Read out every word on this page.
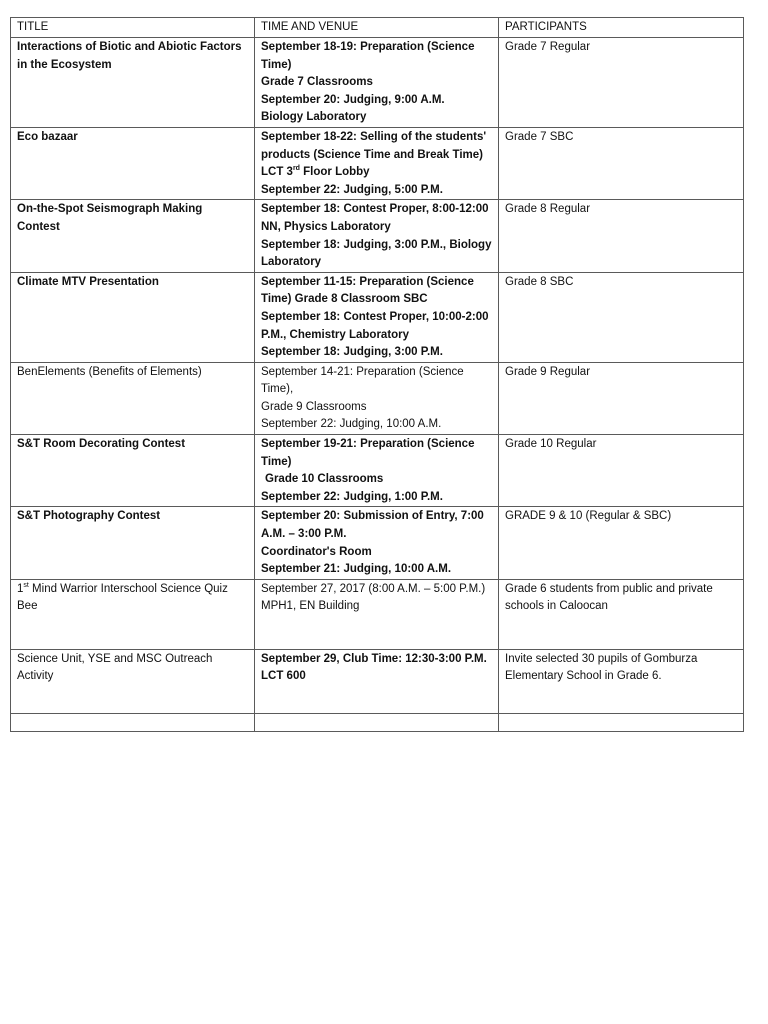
TITLE	TIME AND VENUE	PARTICIPANTS
Interactions of Biotic and Abiotic Factors in the Ecosystem	September 18-19: Preparation (Science Time)
Grade 7 Classrooms
September 20: Judging, 9:00 A.M.
Biology Laboratory	Grade 7 Regular
Eco bazaar	September 18-22: Selling of the students' products (Science Time and Break Time) LCT 3rd Floor Lobby
September 22: Judging, 5:00 P.M.	Grade 7 SBC
On-the-Spot Seismograph Making Contest	September 18: Contest Proper, 8:00-12:00 NN, Physics Laboratory
September 18: Judging, 3:00 P.M., Biology Laboratory	Grade 8 Regular
Climate MTV Presentation	September 11-15: Preparation (Science Time) Grade 8 Classroom SBC
September 18: Contest Proper, 10:00-2:00 P.M., Chemistry Laboratory
September 18: Judging, 3:00 P.M.	Grade 8 SBC
BenElements (Benefits of Elements)	September 14-21: Preparation (Science Time),
Grade 9 Classrooms
September 22: Judging, 10:00 A.M.	Grade 9 Regular
S&T Room Decorating Contest	September 19-21: Preparation (Science Time)
Grade 10 Classrooms
September 22: Judging, 1:00 P.M.	Grade 10 Regular
S&T Photography Contest	September 20: Submission of Entry, 7:00 A.M. – 3:00 P.M.
Coordinator's Room
September 21: Judging, 10:00 A.M.	GRADE 9 & 10 (Regular & SBC)
1st Mind Warrior Interschool Science Quiz Bee	September 27, 2017 (8:00 A.M. – 5:00 P.M.)
MPH1, EN Building	Grade 6 students from public and private schools in Caloocan
Science Unit, YSE and MSC Outreach Activity	September 29, Club Time: 12:30-3:00 P.M.
LCT 600	Invite selected 30 pupils of Gomburza Elementary School in Grade 6.
